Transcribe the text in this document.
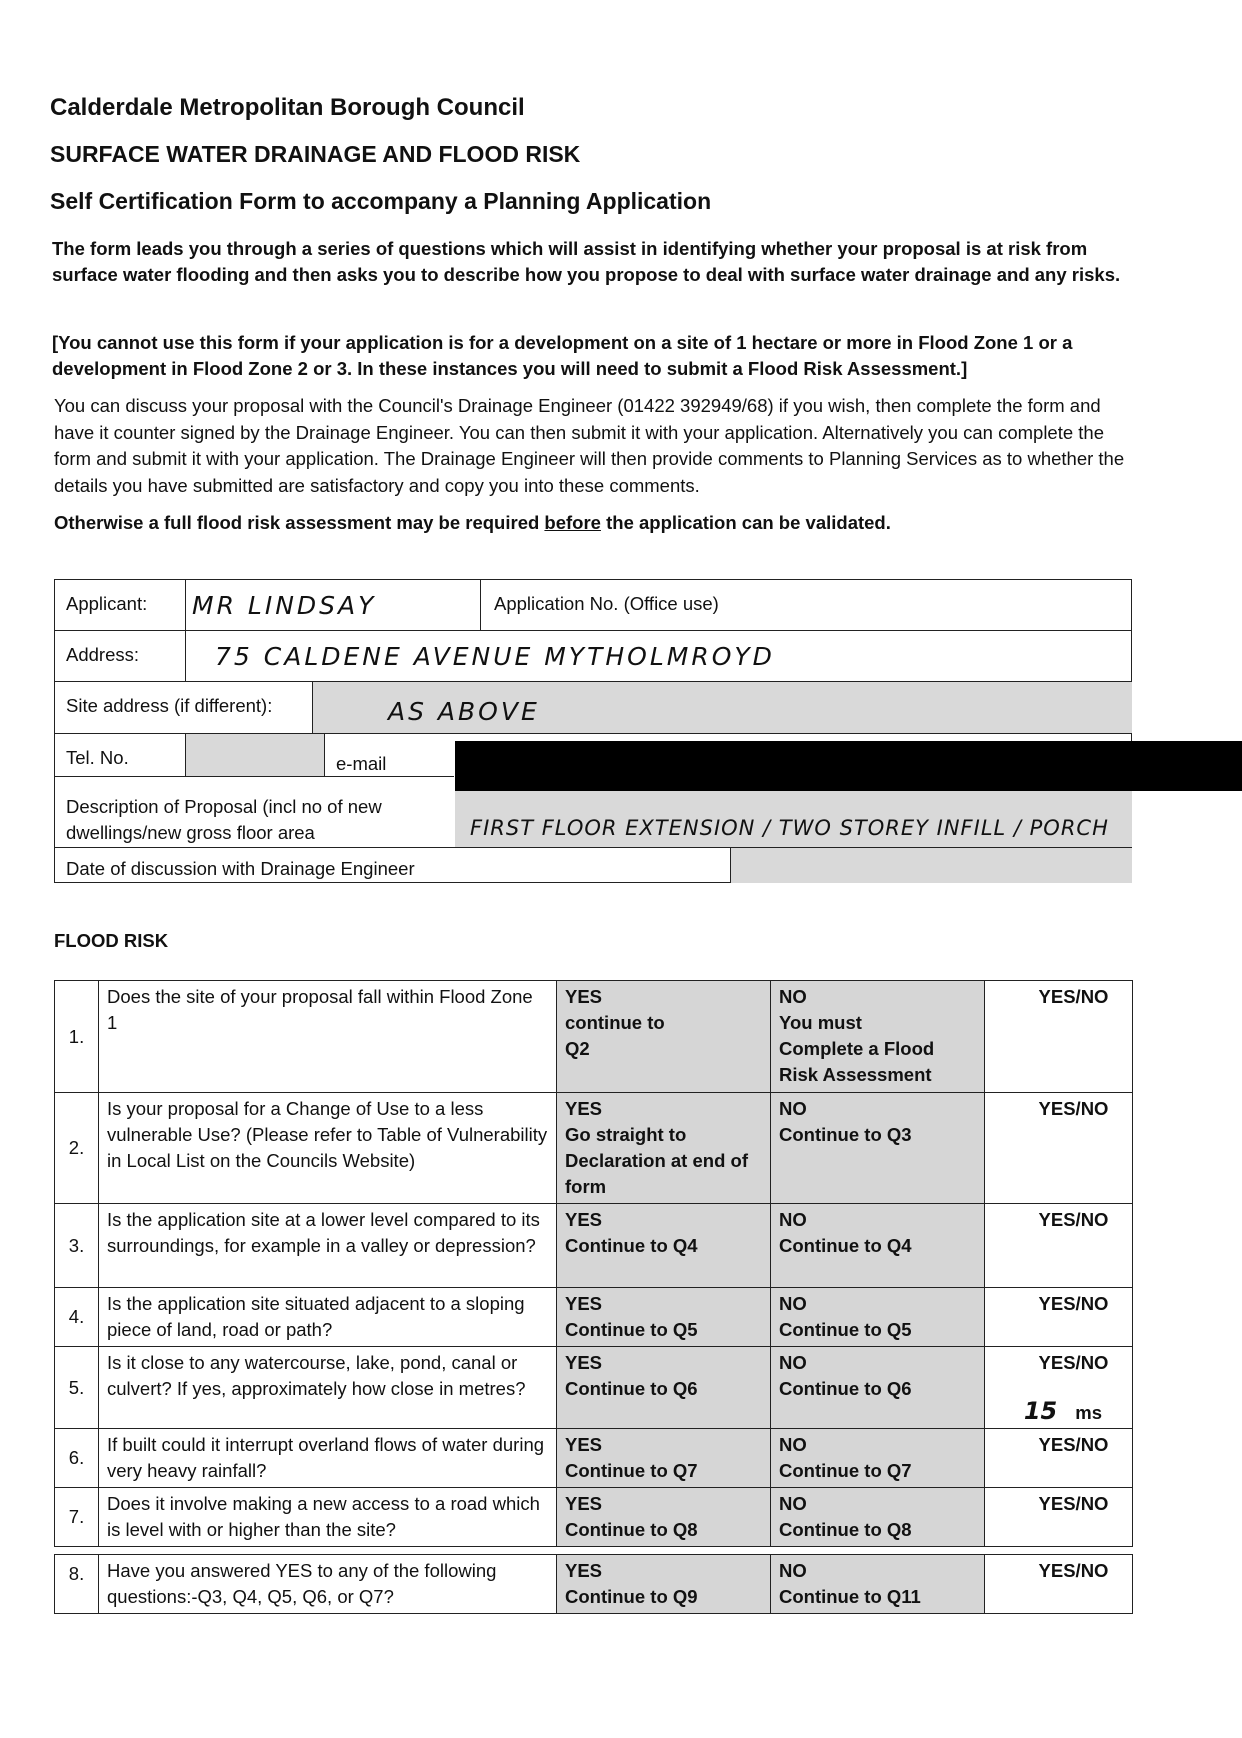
Calderdale Metropolitan Borough Council
SURFACE WATER DRAINAGE AND FLOOD RISK
Self Certification Form to accompany a Planning Application

The form leads you through a series of questions which will assist in identifying whether your proposal is at risk from surface water flooding and then asks you to describe how you propose to deal with surface water drainage and any risks.

[You cannot use this form if your application is for a development on a site of 1 hectare or more in Flood Zone 1 or a development in Flood Zone 2 or 3. In these instances you will need to submit a Flood Risk Assessment.]

You can discuss your proposal with the Council's Drainage Engineer (01422 392949/68) if you wish, then complete the form and have it counter signed by the Drainage Engineer. You can then submit it with your application. Alternatively you can complete the form and submit it with your application. The Drainage Engineer will then provide comments to Planning Services as to whether the details you have submitted are satisfactory and copy you into these comments.

Otherwise a full flood risk assessment may be required before the application can be validated.

Applicant: MR LINDSAY	Application No. (Office use)
Address:	75 CALDENE AVENUE MYTHOLMROYD
Site address (if different):	AS ABOVE
Tel. No.	e-mail
Description of Proposal (incl no of new dwellings/new gross floor area	FIRST FLOOR EXTENSION / TWO STOREY INFILL / PORCH
Date of discussion with Drainage Engineer
FLOOD RISK
1.	Does the site of your proposal fall within Flood Zone 1	YES
continue to
Q2	NO
You must
Complete a Flood
Risk Assessment	YES/NO

2.	Is your proposal for a Change of Use to a less vulnerable Use? (Please refer to Table of Vulnerability in Local List on the Councils Website)	YES
Go straight to
Declaration at end of
form	NO
Continue to Q3	YES/NO

3.	Is the application site at a lower level compared to its surroundings, for example in a valley or depression?	YES
Continue to Q4	NO
Continue to Q4	YES/NO

4.	Is the application site situated adjacent to a sloping piece of land, road or path?	YES
Continue to Q5	NO
Continue to Q5	YES/NO

5.	Is it close to any watercourse, lake, pond, canal or culvert? If yes, approximately how close in metres?	YES
Continue to Q6	NO
Continue to Q6	YES/NO
15 ms

6.	If built could it interrupt overland flows of water during very heavy rainfall?	YES
Continue to Q7	NO
Continue to Q7	YES/NO

7.	Does it involve making a new access to a road which is level with or higher than the site?	YES
Continue to Q8	NO
Continue to Q8	YES/NO
8.	Have you answered YES to any of the following questions:-Q3, Q4, Q5, Q6, or Q7?	YES
Continue to Q9	NO
Continue to Q11	
YES/NO
